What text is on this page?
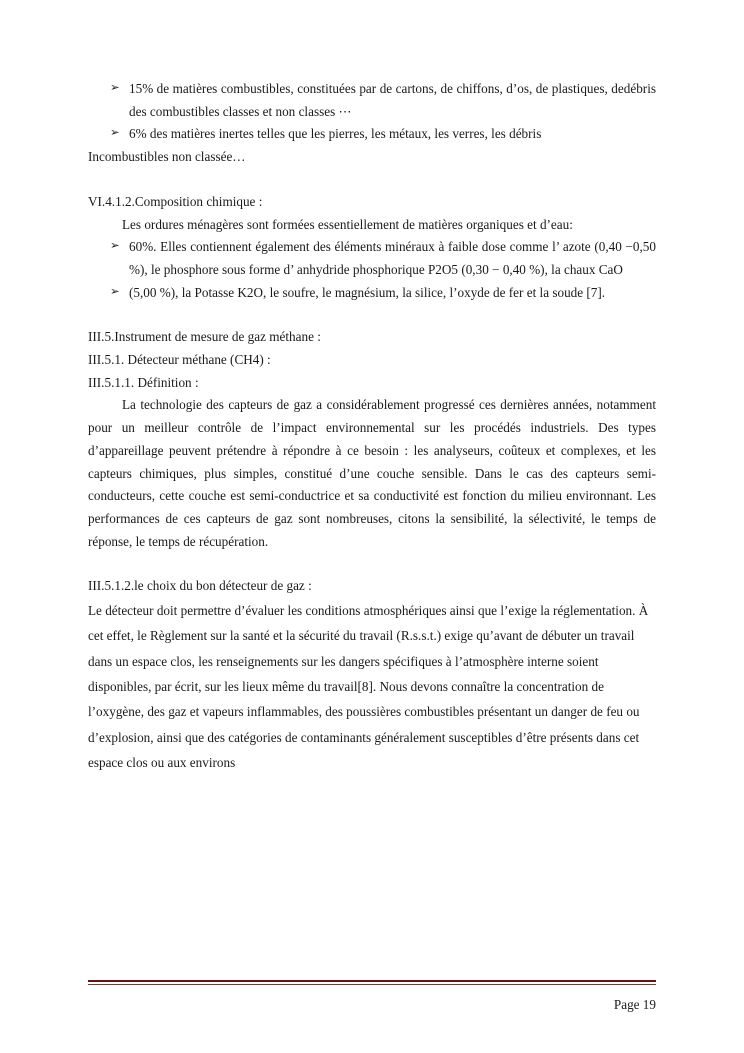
➢ 15% de matières combustibles, constituées par de cartons, de chiffons, d’os, de plastiques, dedébris des combustibles classes et non classes ⋯
➢ 6% des matières inertes telles que les pierres, les métaux, les verres, les débris

Incombustibles non classée…

VI.4.1.2.Composition chimique :

Les ordures ménagères sont formées essentiellement de matières organiques et d’eau:

➢ 60%. Elles contiennent également des éléments minéraux à faible dose comme l’ azote (0,40 −0,50 %), le phosphore sous forme d’ anhydride phosphorique P2O5 (0,30 − 0,40 %), la chaux CaO
➢ (5,00 %), la Potasse K2O, le soufre, le magnésium, la silice, l’oxyde de fer et la soude [7].

III.5.Instrument de mesure de gaz méthane :

III.5.1. Détecteur méthane (CH4) :

III.5.1.1. Définition :

La technologie des capteurs de gaz a considérablement progressé ces dernières années, notamment pour un meilleur contrôle de l’impact environnemental sur les procédés industriels. Des types d’appareillage peuvent prétendre à répondre à ce besoin : les analyseurs, coûteux et complexes, et les capteurs chimiques, plus simples, constitué d’une couche sensible. Dans le cas des capteurs semi-conducteurs, cette couche est semi-conductrice et sa conductivité est fonction du milieu environnant. Les performances de ces capteurs de gaz sont nombreuses, citons la sensibilité, la sélectivité, le temps de réponse, le temps de récupération.

III.5.1.2.le choix du bon détecteur de gaz :

Le détecteur doit permettre d’évaluer les conditions atmosphériques ainsi que l’exige la réglementation. À cet effet, le Règlement sur la santé et la sécurité du travail (R.s.s.t.) exige qu’avant de débuter un travail dans un espace clos, les renseignements sur les dangers spécifiques à l’atmosphère interne soient disponibles, par écrit, sur les lieux même du travail[8]. Nous devons connaître la concentration de l’oxygène, des gaz et vapeurs inflammables, des poussières combustibles présentant un danger de feu ou d’explosion, ainsi que des catégories de contaminants généralement susceptibles d’être présents dans cet espace clos ou aux environs

Page 19
